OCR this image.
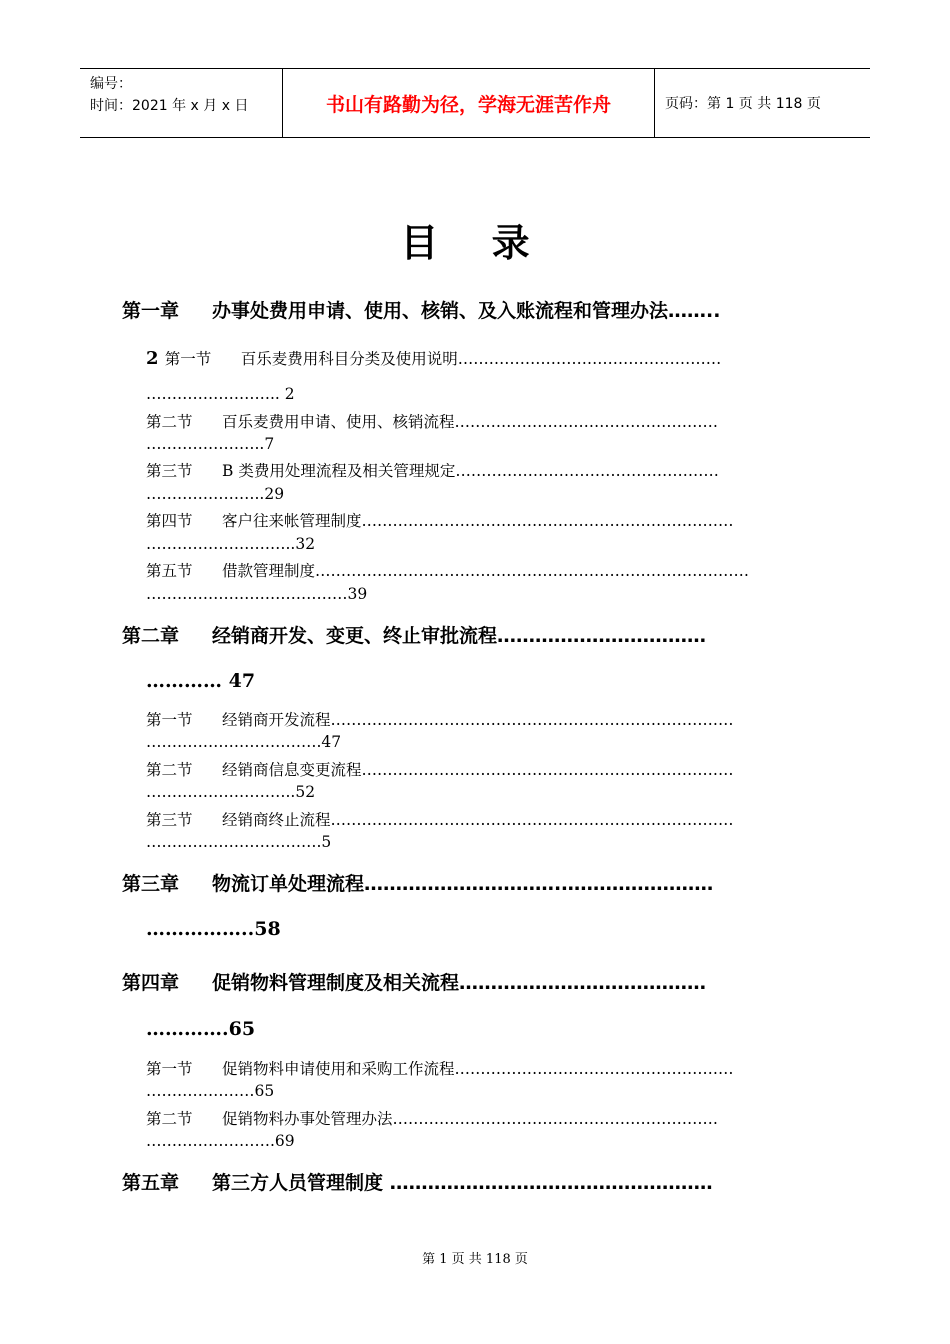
编号：
时间：2021 年 x 月 x 日	书山有路勤为径，学海无涯苦作舟	页码：第 1 页 共 118 页
目 录
第一章 办事处费用申请、使用、核销、及入账流程和管理办法……..
2 第一节 百乐麦费用科目分类及使用说明……………………………………………
…………………….. 2
第二节 百乐麦费用申请、使用、核销流程……………………………………………
…………………..7
第三节 B 类费用处理流程及相关管理规定……………………………………………
…………………..29
第四节 客户往来帐管理制度………………………………………………………………
………………………..32
第五节 借款管理制度…………………………………………………………………………
…………………………………39
第二章 经销商开发、变更、终止审批流程……………………………
………… 47
第一节 经销商开发流程……………………………………………………………………
…………………………….47
第二节 经销商信息变更流程………………………………………………………………
………………………..52
第三节 经销商终止流程……………………………………………………………………
…………………………….5
第三章 物流订单处理流程………………………….……………………
……………..58
第四章 促销物料管理制度及相关流程…………………………………
………….65
第一节 促销物料申请使用和采购工作流程………………………………………………
…………………65
第二节 促销物料办事处管理办法………………………………………………………
…………………….69
第五章 第三方人员管理制度 ……………………………………………
第 1 页 共 118 页
